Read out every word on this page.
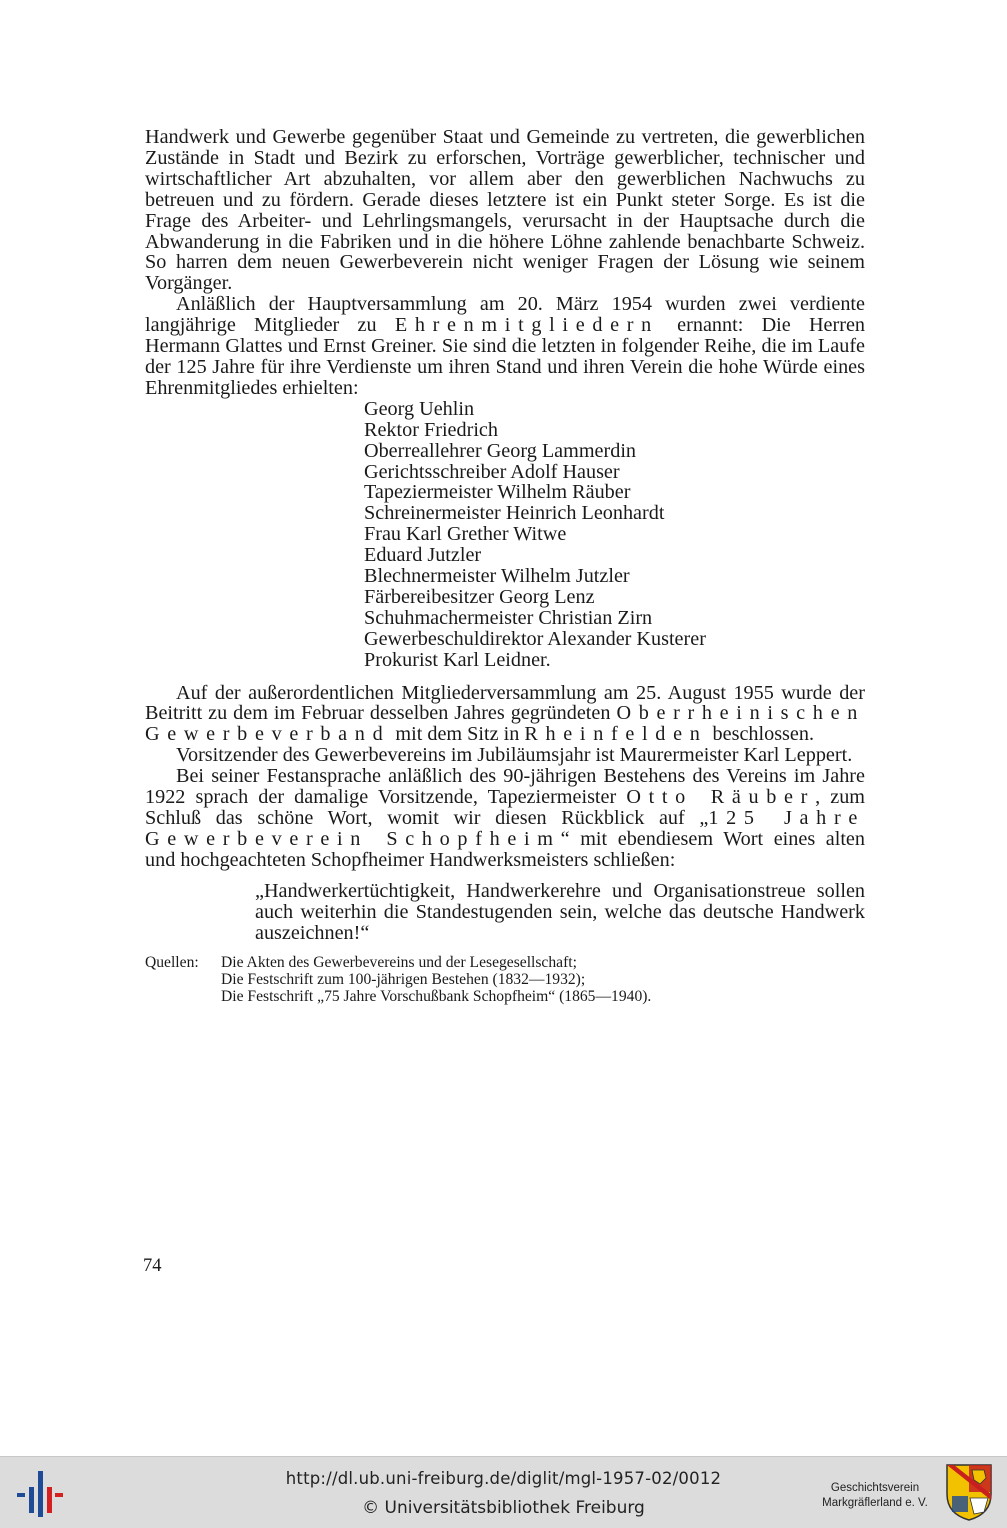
Handwerk und Gewerbe gegenüber Staat und Gemeinde zu vertreten, die gewerblichen Zustände in Stadt und Bezirk zu erforschen, Vorträge gewerblicher, technischer und wirtschaftlicher Art abzuhalten, vor allem aber den gewerblichen Nachwuchs zu betreuen und zu fördern. Gerade dieses letztere ist ein Punkt steter Sorge. Es ist die Frage des Arbeiter- und Lehrlingsmangels, verursacht in der Hauptsache durch die Abwanderung in die Fabriken und in die höhere Löhne zahlende benachbarte Schweiz. So harren dem neuen Gewerbeverein nicht weniger Fragen der Lösung wie seinem Vorgänger.

Anläßlich der Hauptversammlung am 20. März 1954 wurden zwei verdiente langjährige Mitglieder zu Ehrenmitgliedern ernannt: Die Herren Hermann Glattes und Ernst Greiner. Sie sind die letzten in folgender Reihe, die im Laufe der 125 Jahre für ihre Verdienste um ihren Stand und ihren Verein die hohe Würde eines Ehrenmitgliedes erhielten:

Georg Uehlin
Rektor Friedrich
Oberreallehrer Georg Lammerdin
Gerichtsschreiber Adolf Hauser
Tapeziermeister Wilhelm Räuber
Schreinermeister Heinrich Leonhardt
Frau Karl Grether Witwe
Eduard Jutzler
Blechnermeister Wilhelm Jutzler
Färbereibesitzer Georg Lenz
Schuhmachermeister Christian Zirn
Gewerbeschuldirektor Alexander Kusterer
Prokurist Karl Leidner.

Auf der außerordentlichen Mitgliederversammlung am 25. August 1955 wurde der Beitritt zu dem im Februar desselben Jahres gegründeten Oberrheinischen Gewerbeverband mit dem Sitz in Rheinfelden beschlossen.

Vorsitzender des Gewerbevereins im Jubiläumsjahr ist Maurermeister Karl Leppert.

Bei seiner Festansprache anläßlich des 90-jährigen Bestehens des Vereins im Jahre 1922 sprach der damalige Vorsitzende, Tapeziermeister Otto Räuber, zum Schluß das schöne Wort, womit wir diesen Rückblick auf „125 Jahre Gewerbeverein Schopfheim“ mit ebendiesem Wort eines alten und hochgeachteten Schopfheimer Handwerksmeisters schließen:

„Handwerkertüchtigkeit, Handwerkerehre und Organisationstreue sollen auch weiterhin die Standestugenden sein, welche das deutsche Handwerk auszeichnen!“

Quellen:	Die Akten des Gewerbevereins und der Lesegesellschaft;
Die Festschrift zum 100-jährigen Bestehen (1832—1932);
Die Festschrift „75 Jahre Vorschußbank Schopfheim“ (1865—1940).
74
http://dl.ub.uni-freiburg.de/diglit/mgl-1957-02/0012
© Universitätsbibliothek Freiburg
Geschichtsverein
Markgräflerland e. V.
